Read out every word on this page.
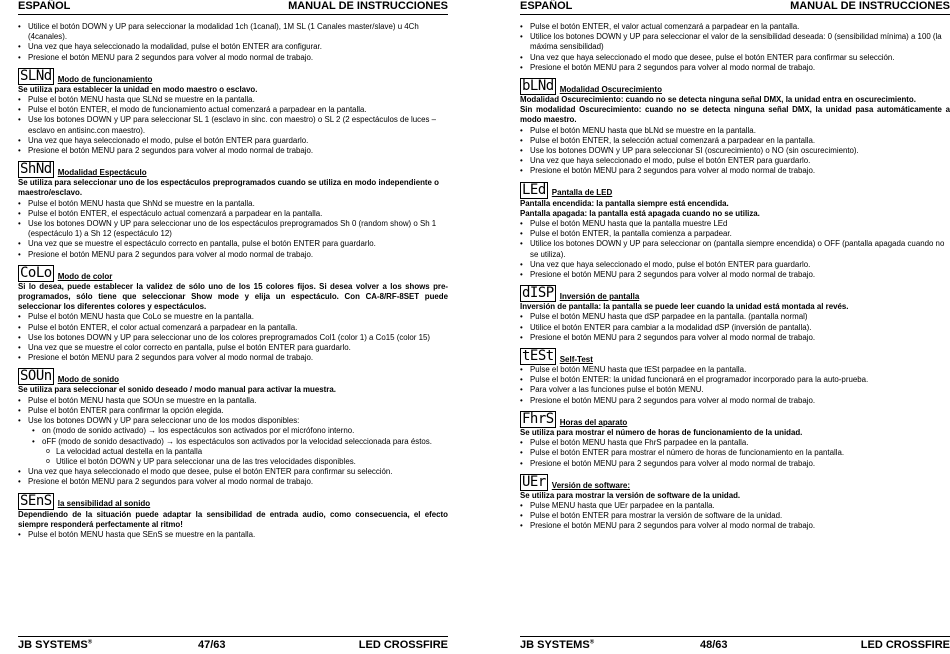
ESPAÑOL	MANUAL DE INSTRUCCIONES
• Utilice el botón DOWN y UP para seleccionar la modalidad 1ch (1canal), 1M SL (1 Canales master/slave) u 4Ch (4canales).
• Una vez que haya seleccionado la modalidad, pulse el botón ENTER ara configurar.
• Presione el botón MENU para 2 segundos para volver al modo normal de trabajo.
SLNd Modo de funcionamiento
Se utiliza para establecer la unidad en modo maestro o esclavo.
• Pulse el botón MENU hasta que SLNd se muestre en la pantalla.
• Pulse el botón ENTER, el modo de funcionamiento actual comenzará a parpadear en la pantalla.
• Use los botones DOWN y UP para seleccionar SL 1 (esclavo in sinc. con maestro) o SL 2 (2 espectáculos de luces – esclavo en antisinc.con maestro).
• Una vez que haya seleccionado el modo, pulse el botón ENTER para guardarlo.
• Presione el botón MENU para 2 segundos para volver al modo normal de trabajo.
ShNd Modalidad Espectáculo
Se utiliza para seleccionar uno de los espectáculos preprogramados cuando se utiliza en modo independiente o maestro/esclavo.
• Pulse el botón MENU hasta que ShNd se muestre en la pantalla.
• Pulse el botón ENTER, el espectáculo actual comenzará a parpadear en la pantalla.
• Use los botones DOWN y UP para seleccionar uno de los espectáculos preprogramados Sh 0 (random show) o Sh 1 (espectáculo 1) a Sh 12 (espectáculo 12)
• Una vez que se muestre el espectáculo correcto en pantalla, pulse el botón ENTER para guardarlo.
• Presione el botón MENU para 2 segundos para volver al modo normal de trabajo.
CoLo Modo de color
Si lo desea, puede establecer la validez de sólo uno de los 15 colores fijos. Si desea volver a los shows pre-programados, sólo tiene que seleccionar Show mode y elija un espectáculo. Con CA-8/RF-8SET puede seleccionar los diferentes colores y espectáculos.
• Pulse el botón MENU hasta que CoLo se muestre en la pantalla.
• Pulse el botón ENTER, el color actual comenzará a parpadear en la pantalla.
• Use los botones DOWN y UP para seleccionar uno de los colores preprogramados Col1 (color 1) a Co15 (color 15)
• Una vez que se muestre el color correcto en pantalla, pulse el botón ENTER para guardarlo.
• Presione el botón MENU para 2 segundos para volver al modo normal de trabajo.
SOUn Modo de sonido
Se utiliza para seleccionar el sonido deseado / modo manual para activar la muestra.
• Pulse el botón MENU hasta que SOUn se muestre en la pantalla.
• Pulse el botón ENTER para confirmar la opción elegida.
• Use los botones DOWN y UP para seleccionar uno de los modos disponibles:
• on (modo de sonido activado) → los espectáculos son activados por el micrófono interno.
• oFF (modo de sonido desactivado) → los espectáculos son activados por la velocidad seleccionada para éstos.
o La velocidad actual destella en la pantalla
o Utilice el botón DOWN y UP para seleccionar una de las tres velocidades disponibles.
• Una vez que haya seleccionado el modo que desee, pulse el botón ENTER para confirmar su selección.
• Presione el botón MENU para 2 segundos para volver al modo normal de trabajo.
SEnS la sensibilidad al sonido
Dependiendo de la situación puede adaptar la sensibilidad de entrada audio, como consecuencia, el efecto siempre responderá perfectamente al ritmo!
• Pulse el botón MENU hasta que SEnS se muestre en la pantalla.
JB SYSTEMS®	47/63	LED CROSSFIRE
ESPAÑOL	MANUAL DE INSTRUCCIONES
• Pulse el botón ENTER, el valor actual comenzará a parpadear en la pantalla.
• Utilice los botones DOWN y UP para seleccionar el valor de la sensibilidad deseada: 0 (sensibilidad mínima) a 100 (la máxima sensibilidad)
• Una vez que haya seleccionado el modo que desee, pulse el botón ENTER para confirmar su selección.
• Presione el botón MENU para 2 segundos para volver al modo normal de trabajo.
bLNd Modalidad Oscurecimiento
Modalidad Oscurecimiento: cuando no se detecta ninguna señal DMX, la unidad entra en oscurecimiento.
Sin modalidad Oscurecimiento: cuando no se detecta ninguna señal DMX, la unidad pasa automáticamente a modo maestro.
• Pulse el botón MENU hasta que bLNd se muestre en la pantalla.
• Pulse el botón ENTER, la selección actual comenzará a parpadear en la pantalla.
• Use los botones DOWN y UP para seleccionar SI (oscurecimiento) o NO (sin oscurecimiento).
• Una vez que haya seleccionado el modo, pulse el botón ENTER para guardarlo.
• Presione el botón MENU para 2 segundos para volver al modo normal de trabajo.
LEd Pantalla de LED
Pantalla encendida: la pantalla siempre está encendida.
Pantalla apagada: la pantalla está apagada cuando no se utiliza.
• Pulse el botón MENU hasta que la pantalla muestre LEd
• Pulse el botón ENTER, la pantalla comienza a parpadear.
• Utilice los botones DOWN y UP para seleccionar on (pantalla siempre encendida) o OFF (pantalla apagada cuando no se utiliza).
• Una vez que haya seleccionado el modo, pulse el botón ENTER para guardarlo.
• Presione el botón MENU para 2 segundos para volver al modo normal de trabajo.
dISP Inversión de pantalla
Inversión de pantalla: la pantalla se puede leer cuando la unidad está montada al revés.
• Pulse el botón MENU hasta que dSP parpadee en la pantalla. (pantalla normal)
• Utilice el botón ENTER para cambiar a la modalidad dSP (inversión de pantalla).
• Presione el botón MENU para 2 segundos para volver al modo normal de trabajo.
tESt Self-Test
• Pulse el botón MENU hasta que tESt parpadee en la pantalla.
• Pulse el botón ENTER: la unidad funcionará en el programador incorporado para la auto-prueba.
• Para volver a las funciones pulse el botón MENU.
• Presione el botón MENU para 2 segundos para volver al modo normal de trabajo.
FhrS Horas del aparato
Se utiliza para mostrar el número de horas de funcionamiento de la unidad.
• Pulse el botón MENU hasta que FhrS parpadee en la pantalla.
• Pulse el botón ENTER para mostrar el número de horas de funcionamiento en la pantalla.
• Presione el botón MENU para 2 segundos para volver al modo normal de trabajo.
UEr Versión de software:
Se utiliza para mostrar la versión de software de la unidad.
• Pulse MENU hasta que UEr parpadee en la pantalla.
• Pulse el botón ENTER para mostrar la versión de software de la unidad.
• Presione el botón MENU para 2 segundos para volver al modo normal de trabajo.
JB SYSTEMS®	48/63	LED CROSSFIRE
